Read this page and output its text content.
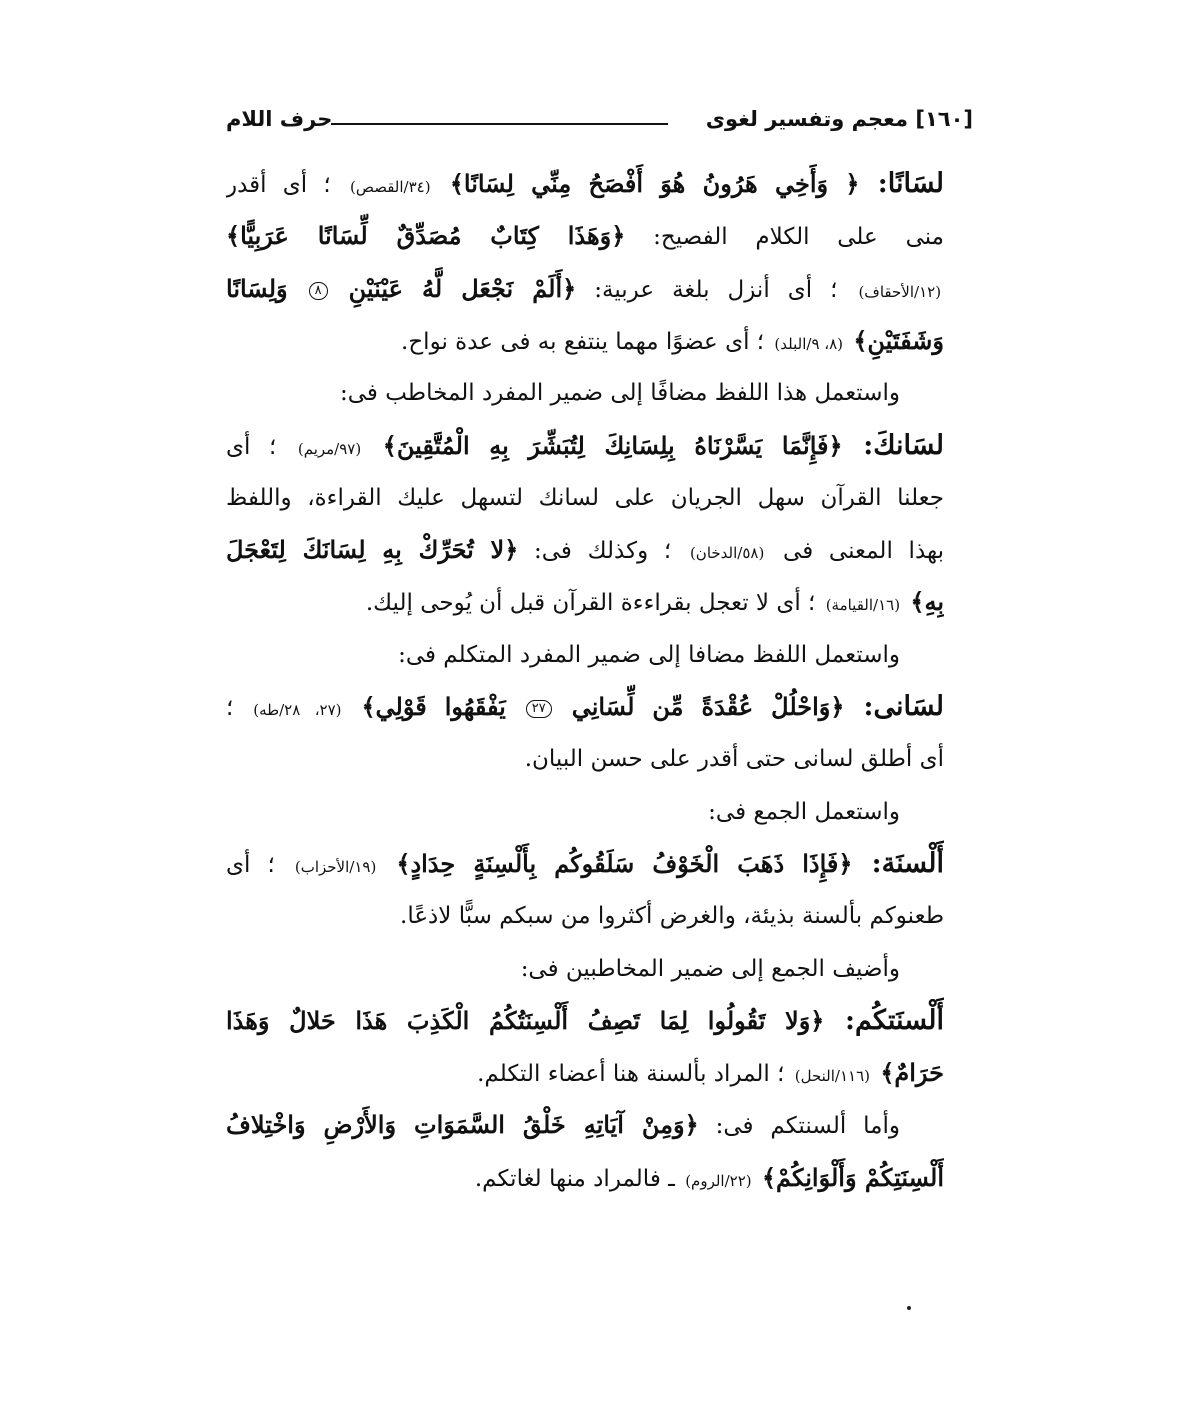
[١٦٠] معجم وتفسير لغوى
حرف اللام
لسَانًا: ﴿ وَأَخِي هَرُونُ هُوَ أَفْصَحُ مِنِّي لِسَانًا﴾ (٣٤/القصص) ؛ أى أقدر
منى على الكلام الفصيح: ﴿وَهَذَا كِتَابٌ مُصَدِّقٌ لِّسَانًا عَرَبِيًّا﴾
(١٢/الأحقاف) ؛ أى أنزل بلغة عربية: ﴿أَلَمْ نَجْعَل لَّهُ عَيْنَيْنِ ٨ وَلِسَانًا
وَشَفَتَيْنِ﴾ (٨، ٩/البلد) ؛ أى عضوًا مهما ينتفع به فى عدة نواح.
واستعمل هذا اللفظ مضافًا إلى ضمير المفرد المخاطب فى:
لسَانكَ: ﴿فَإِنَّمَا يَسَّرْنَاهُ بِلِسَانِكَ لِتُبَشِّرَ بِهِ الْمُتَّقِينَ﴾ (٩٧/مريم) ؛ أى
جعلنا القرآن سهل الجريان على لسانك لتسهل عليك القراءة، واللفظ
بهذا المعنى فى (٥٨/الدخان) ؛ وكذلك فى: ﴿لا تُحَرِّكْ بِهِ لِسَانَكَ لِتَعْجَلَ
بِهِ﴾ (١٦/القيامة) ؛ أى لا تعجل بقراءءة القرآن قبل أن يُوحى إليك.
واستعمل اللفظ مضافا إلى ضمير المفرد المتكلم فى:
لسَانى: ﴿وَاحْلُلْ عُقْدَةً مِّن لِّسَانِي ٢٧ يَفْقَهُوا قَوْلِي﴾ (٢٧، ٢٨/طه) ؛
أى أطلق لسانى حتى أقدر على حسن البيان.
واستعمل الجمع فى:
أَلْسنَة: ﴿فَإِذَا ذَهَبَ الْخَوْفُ سَلَقُوكُم بِأَلْسِنَةٍ حِدَادٍ﴾ (١٩/الأحزاب) ؛ أى
طعنوكم بألسنة بذيئة، والغرض أكثروا من سبكم سبًّا لاذعًا.
وأضيف الجمع إلى ضمير المخاطبين فى:
أَلْسنَتكُم: ﴿وَلا تَقُولُوا لِمَا تَصِفُ أَلْسِنَتُكُمُ الْكَذِبَ هَذَا حَلالٌ وَهَذَا
حَرَامٌ﴾ (١١٦/النحل) ؛ المراد بألسنة هنا أعضاء التكلم.
وأما ألسنتكم فى: ﴿وَمِنْ آيَاتِهِ خَلْقُ السَّمَوَاتِ وَالأَرْضِ وَاخْتِلافُ
أَلْسِنَتِكُمْ وَأَلْوَانِكُمْ﴾ (٢٢/الروم) ـ فالمراد منها لغاتكم.
